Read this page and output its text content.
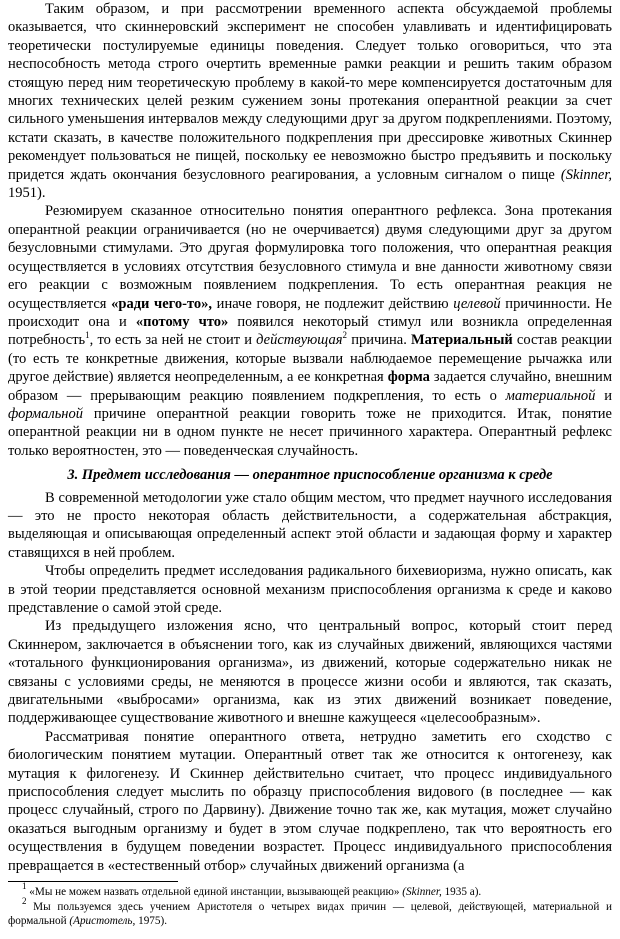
Таким образом, и при рассмотрении временного аспекта обсуждаемой проблемы оказывается, что скиннеровский эксперимент не способен улавливать и идентифицировать теоретически постулируемые единицы поведения. Следует только оговориться, что эта неспособность метода строго очертить временные рамки реакции и решить таким образом стоящую перед ним теоретическую проблему в какой-то мере компенсируется достаточным для многих технических целей резким сужением зоны протекания оперантной реакции за счет сильного уменьшения интервалов между следующими друг за другом подкреплениями. Поэтому, кстати сказать, в качестве положительного подкрепления при дрессировке животных Скиннер рекомендует пользоваться не пищей, поскольку ее невозможно быстро предъявить и поскольку придется ждать окончания безусловного реагирования, а условным сигналом о пище (Skinner, 1951).

Резюмируем сказанное относительно понятия оперантного рефлекса. Зона протекания оперантной реакции ограничивается (но не очерчивается) двумя следующими друг за другом безусловными стимулами. Это другая формулировка того положения, что оперантная реакция осуществляется в условиях отсутствия безусловного стимула и вне данности животному связи его реакции с возможным появлением подкрепления. То есть оперантная реакция не осуществляется «ради чего-то», иначе говоря, не подлежит действию целевой причинности. Не происходит она и «потому что» появился некоторый стимул или возникла определенная потребность$^1$, то есть за ней не стоит и действующая$^2$ причина. Материальный состав реакции (то есть те конкретные движения, которые вызвали наблюдаемое перемещение рычажка или другое действие) является неопределенным, а ее конкретная форма задается случайно, внешним образом — прерывающим реакцию появлением подкрепления, то есть о материальной и формальной причине оперантной реакции говорить тоже не приходится. Итак, понятие оперантной реакции ни в одном пункте не несет причинного характера. Оперантный рефлекс только вероятностен, это — поведенческая случайность.

3. Предмет исследования — оперантное приспособление организма к среде

В современной методологии уже стало общим местом, что предмет научного исследования — это не просто некоторая область действительности, а содержательная абстракция, выделяющая и описывающая определенный аспект этой области и задающая форму и характер ставящихся в ней проблем.

Чтобы определить предмет исследования радикального бихевиоризма, нужно описать, как в этой теории представляется основной механизм приспособления организма к среде и каково представление о самой этой среде.

Из предыдущего изложения ясно, что центральный вопрос, который стоит перед Скиннером, заключается в объяснении того, как из случайных движений, являющихся частями «тотального функционирования организма», из движений, которые содержательно никак не связаны с условиями среды, не меняются в процессе жизни особи и являются, так сказать, двигательными «выбросами» организма, как из этих движений возникает поведение, поддерживающее существование животного и внешне кажущееся «целесообразным».

Рассматривая понятие оперантного ответа, нетрудно заметить его сходство с биологическим понятием мутации. Оперантный ответ так же относится к онтогенезу, как мутация к филогенезу. И Скиннер действительно считает, что процесс индивидуального приспособления следует мыслить по образцу приспособления видового (в последнее — как процесс случайный, строго по Дарвину). Движение точно так же, как мутация, может случайно оказаться выгодным организму и будет в этом случае подкреплено, так что вероятность его осуществления в будущем поведении возрастет. Процесс индивидуального приспособления превращается в «естественный отбор» случайных движений организма (а

$^1$ «Мы не можем назвать отдельной единой инстанции, вызывающей реакцию» (Skinner, 1935 а).

$^2$ Мы пользуемся здесь учением Аристотеля о четырех видах причин — целевой, действующей, материальной и формальной (Аристотель, 1975).
